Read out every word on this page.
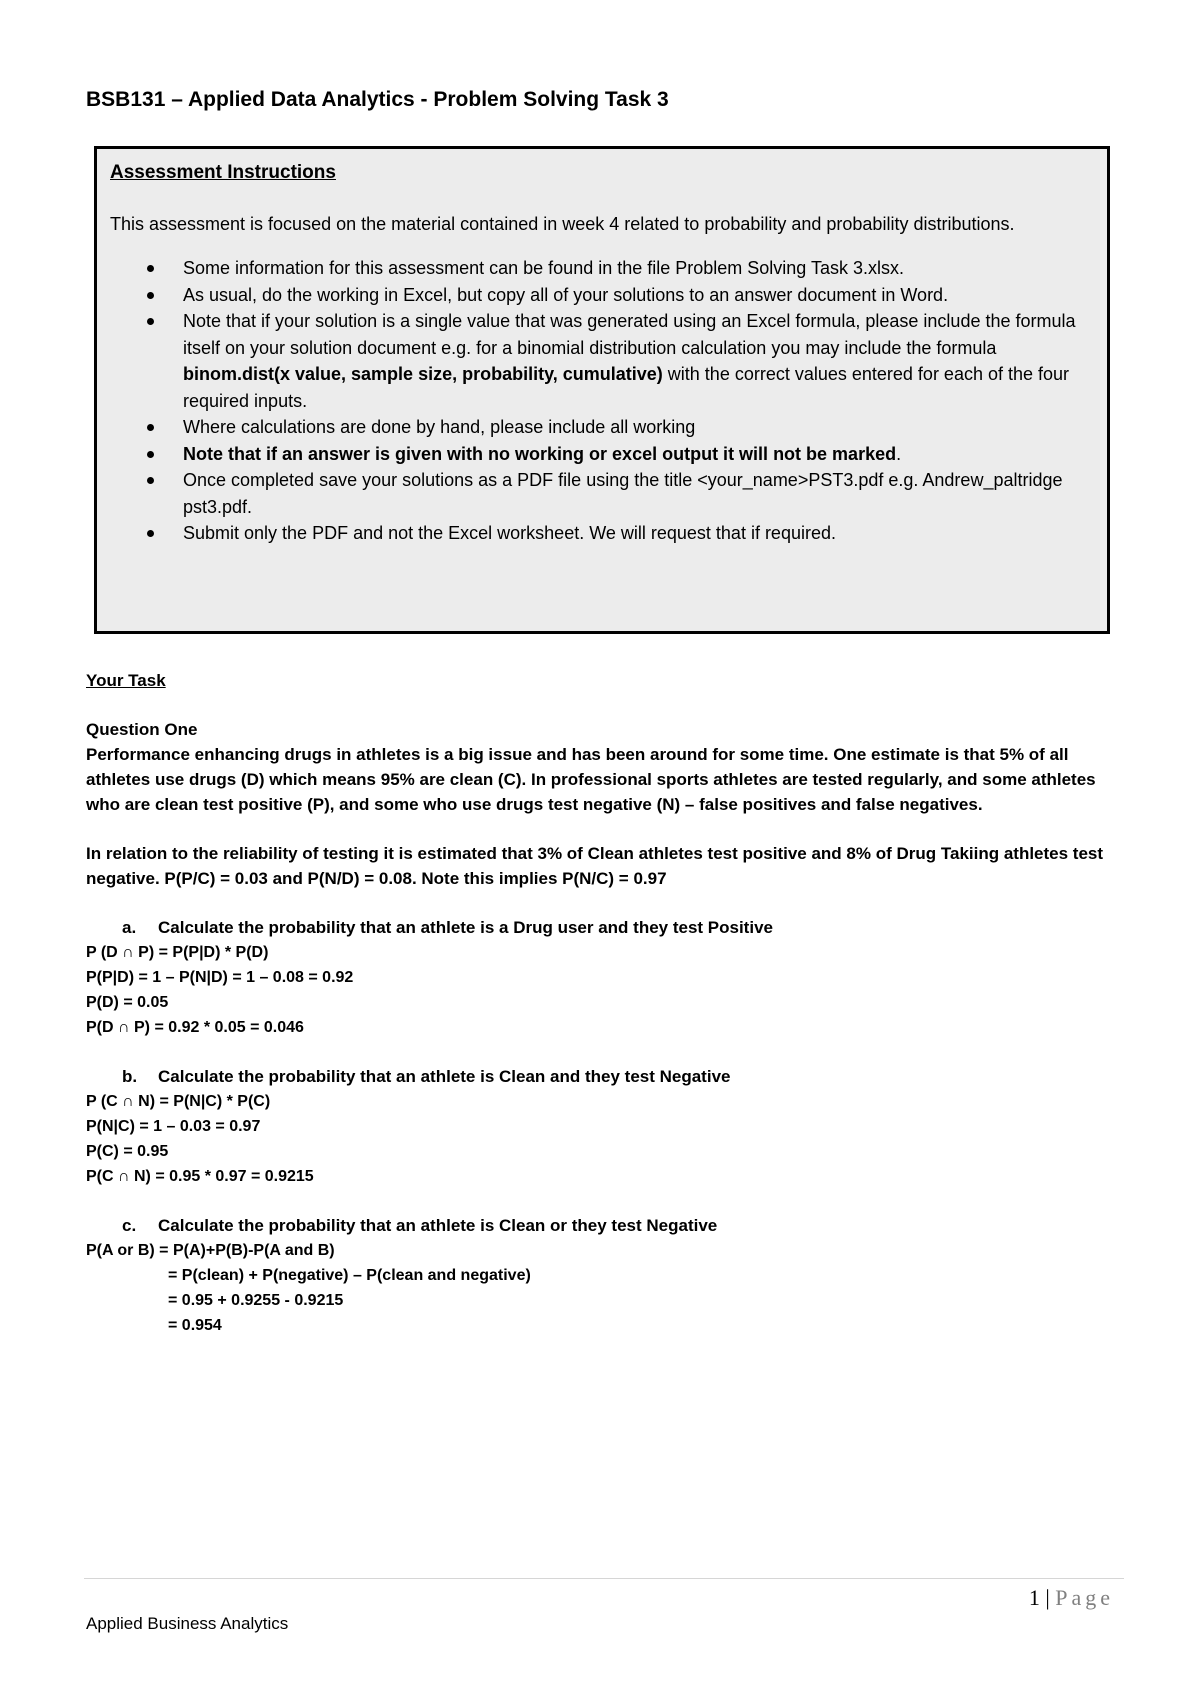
BSB131 – Applied Data Analytics - Problem Solving Task 3
Assessment Instructions
This assessment is focused on the material contained in week 4 related to probability and probability distributions.
Some information for this assessment can be found in the file Problem Solving Task 3.xlsx.
As usual, do the working in Excel, but copy all of your solutions to an answer document in Word.
Note that if your solution is a single value that was generated using an Excel formula, please include the formula itself on your solution document e.g. for a binomial distribution calculation you may include the formula binom.dist(x value, sample size, probability, cumulative) with the correct values entered for each of the four required inputs.
Where calculations are done by hand, please include all working
Note that if an answer is given with no working or excel output it will not be marked.
Once completed save your solutions as a PDF file using the title <your_name>PST3.pdf e.g. Andrew_paltridge pst3.pdf.
Submit only the PDF and not the Excel worksheet. We will request that if required.

Your Task

Question One

Performance enhancing drugs in athletes is a big issue and has been around for some time. One estimate is that 5% of all athletes use drugs (D) which means 95% are clean (C). In professional sports athletes are tested regularly, and some athletes who are clean test positive (P), and some who use drugs test negative (N) – false positives and false negatives.

In relation to the reliability of testing it is estimated that 3% of Clean athletes test positive and 8% of Drug Takiing athletes test negative. P(P/C) = 0.03 and P(N/D) = 0.08. Note this implies P(N/C) = 0.97

a. Calculate the probability that an athlete is a Drug user and they test Positive

P (D ∩ P) = P(P|D) * P(D)

P(P|D) = 1 – P(N|D) = 1 – 0.08 = 0.92

P(D) = 0.05

P(D ∩ P) = 0.92 * 0.05 = 0.046

b. Calculate the probability that an athlete is Clean and they test Negative

P (C ∩ N) = P(N|C) * P(C)

P(N|C) = 1 – 0.03 = 0.97

P(C) = 0.95

P(C ∩ N) = 0.95 * 0.97 = 0.9215

c. Calculate the probability that an athlete is Clean or they test Negative

P(A or B) = P(A)+P(B)-P(A and B)

= P(clean) + P(negative) – P(clean and negative)

= 0.95 + 0.9255 - 0.9215

= 0.954

1 | Page
Applied Business Analytics
